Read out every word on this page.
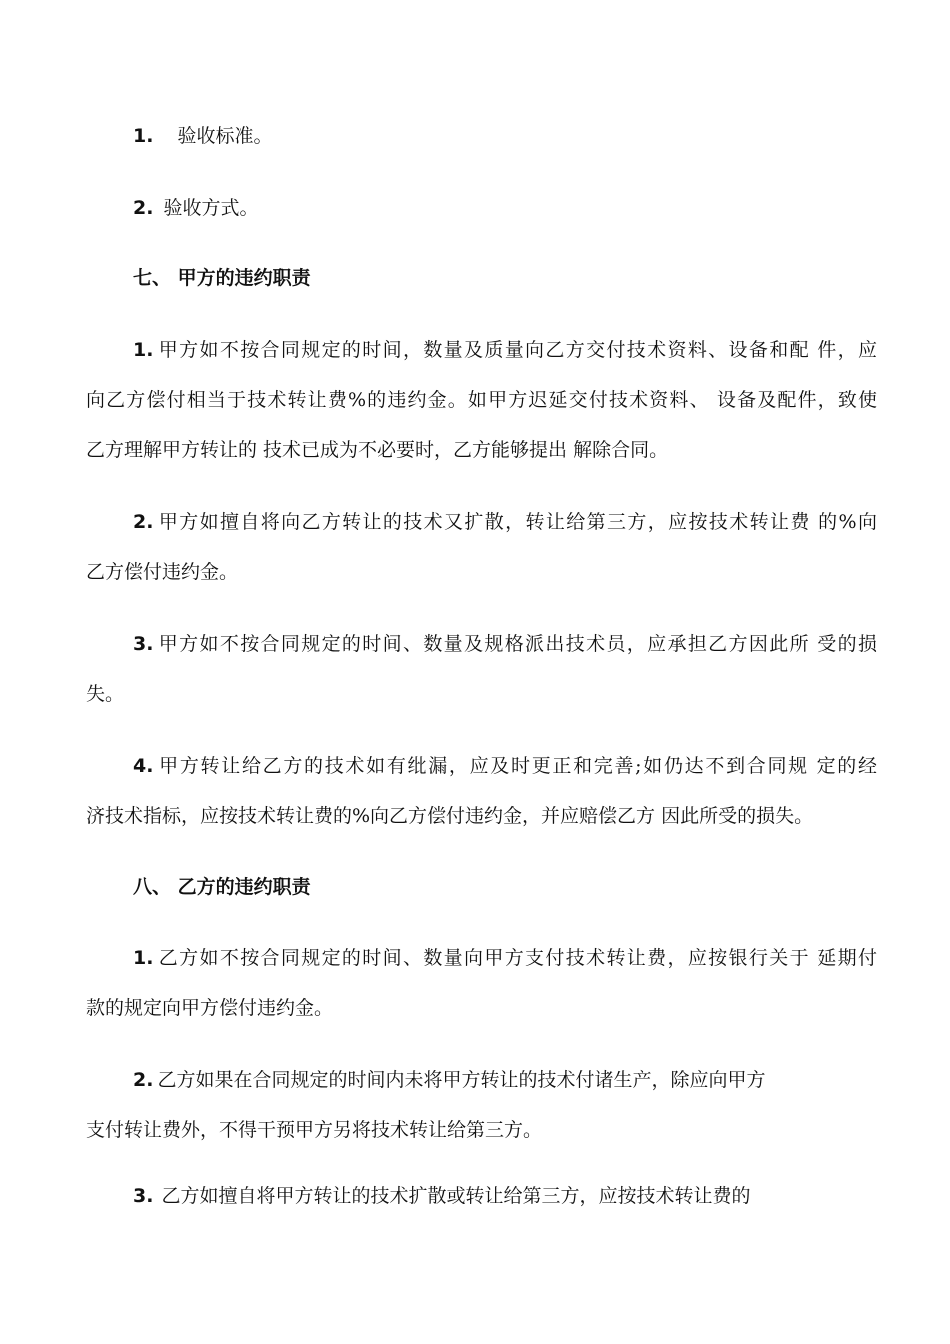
1. 验收标准。
2. 验收方式。
七、 甲方的违约职责
1. 甲方如不按合同规定的时间，数量及质量向乙方交付技术资料、设备和配 件，应
向乙方偿付相当于技术转让费%的违约金。如甲方迟延交付技术资料、 设备及配件，致使
乙方理解甲方转让的 技术已成为不必要时，乙方能够提出 解除合同。
2. 甲方如擅自将向乙方转让的技术又扩散，转让给第三方，应按技术转让费 的%向
乙方偿付违约金。
3. 甲方如不按合同规定的时间、数量及规格派出技术员，应承担乙方因此所 受的损
失。
4. 甲方转让给乙方的技术如有纰漏，应及时更正和完善;如仍达不到合同规 定的经
济技术指标，应按技术转让费的%向乙方偿付违约金，并应赔偿乙方 因此所受的损失。
八、 乙方的违约职责
1. 乙方如不按合同规定的时间、数量向甲方支付技术转让费，应按银行关于 延期付
款的规定向甲方偿付违约金。
2. 乙方如果在合同规定的时间内未将甲方转让的技术付诸生产，除应向甲方
支付转让费外，不得干预甲方另将技术转让给第三方。
3. 乙方如擅自将甲方转让的技术扩散或转让给第三方，应按技术转让费的
